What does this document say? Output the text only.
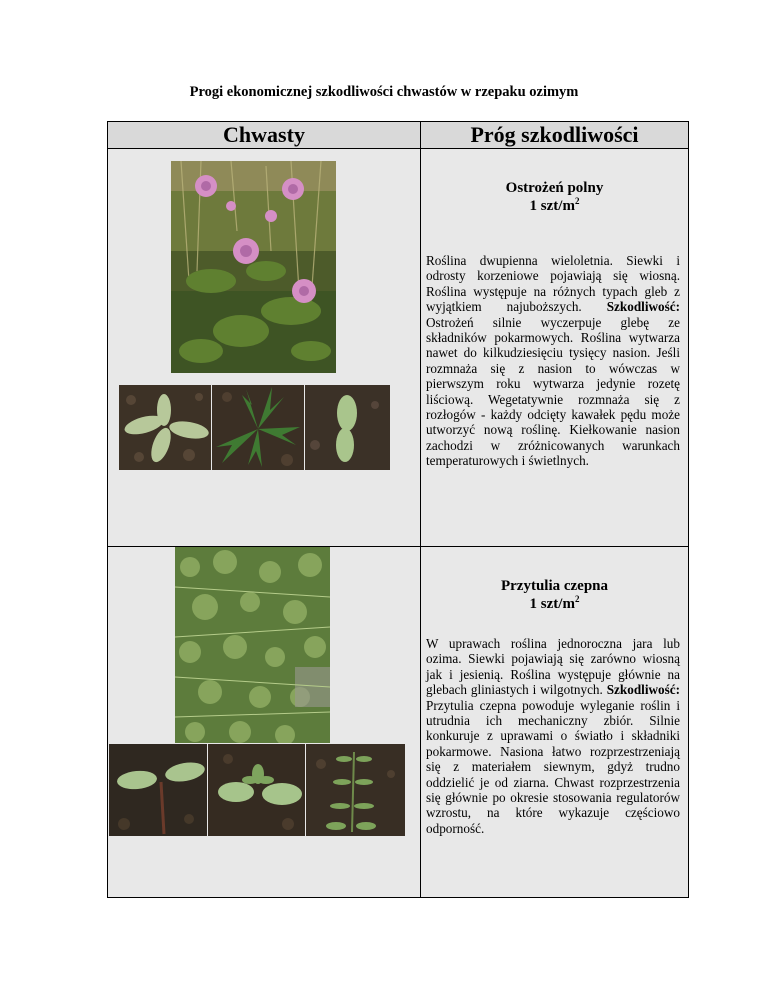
Progi ekonomicznej szkodliwości chwastów w rzepaku ozimym
Chwasty	Próg szkodliwości

Ostrożeń polny
1 szt/$m^2$
Roślina dwupienna wieloletnia. Siewki i odrosty korzeniowe pojawiają się wiosną. Roślina występuje na różnych typach gleb z wyjątkiem najuboższych. Szkodliwość: Ostrożeń silnie wyczerpuje glebę ze składników pokarmowych. Roślina wytwarza nawet do kilkudziesięciu tysięcy nasion. Jeśli rozmnaża się z nasion to wówczas w pierwszym roku wytwarza jedynie rozetę liściową. Wegetatywnie rozmnaża się z rozłogów - każdy odcięty kawałek pędu może utworzyć nową roślinę. Kiełkowanie nasion zachodzi w zróżnicowanych warunkach temperaturowych i świetlnych.

Przytulia czepna
1 szt/$m^2$
W uprawach roślina jednoroczna jara lub ozima. Siewki pojawiają się zarówno wiosną jak i jesienią. Roślina występuje głównie na glebach gliniastych i wilgotnych. Szkodliwość: Przytulia czepna powoduje wyleganie roślin i utrudnia ich mechaniczny zbiór. Silnie konkuruje z uprawami o światło i składniki pokarmowe. Nasiona łatwo rozprzestrzeniają się z materiałem siewnym, gdyż trudno oddzielić je od ziarna. Chwast rozprzestrzenia się głównie po okresie stosowania regulatorów wzrostu, na które wykazuje częściowo odporność.
